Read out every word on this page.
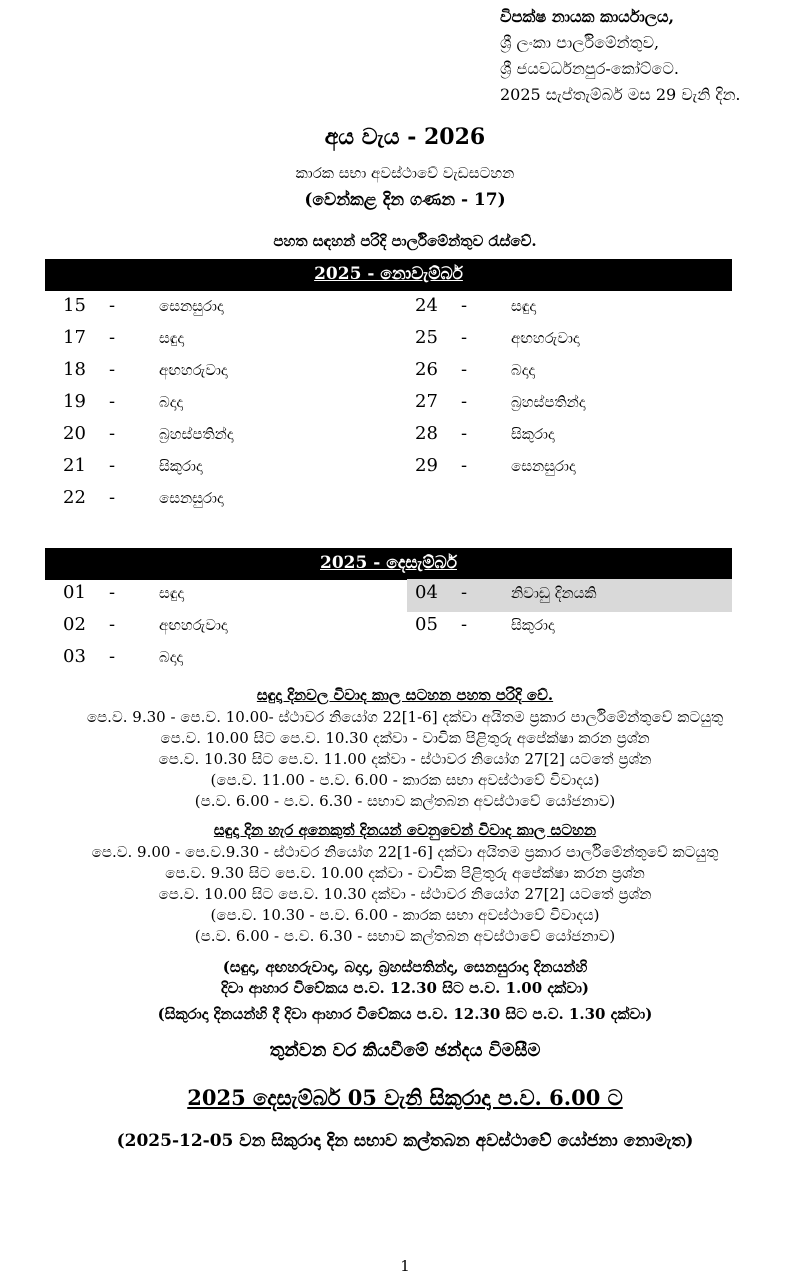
විපක්ෂ නායක කාර්යාලය,
ශ්‍රී ලංකා පාර්ලිමේන්තුව,
ශ්‍රී ජයවර්ධනපුර-කෝට්ටෙ.
2025 සැප්තැම්බර් මස 29 වැනි දින.
අය වැය - 2026
කාරක සභා අවස්ථාවේ වැඩසටහන
(වෙන්කළ දින ගණන - 17)
පහත සඳහන් පරිදි පාර්ලිමේන්තුව රැස්වේ.
2025 - නොවැම්බර්
15 -	සෙනසුරාදා
17 -	සඳුදා
18 -	අඟහරුවාදා
19 -	බදාදා
20 -	බ්‍රහස්පතින්දා
21 -	සිකුරාදා
22 -	සෙනසුරාදා
24 -	සඳුදා
25 -	අඟහරුවාදා
26 -	බදාදා
27 -	බ්‍රහස්පතින්දා
28 -	සිකුරාදා
29 -	සෙනසුරාදා
2025 - දෙසැම්බර්
01 -	සඳුදා
02 -	අඟහරුවාදා
03 -	බදාදා
04 -	නිවාඩු දිනයකි
05 -	සිකුරාදා
සඳුදා දිනවල විවාද කාල සටහන පහත පරිදි වේ.
පෙ.ව. 9.30 - පෙ.ව. 10.00- ස්ථාවර නියෝග 22[1-6] දක්වා අයිතම ප්‍රකාර පාර්ලිමේන්තුවේ කටයුතු
පෙ.ව. 10.00 සිට පෙ.ව. 10.30 දක්වා - වාචික පිළිතුරු අපේක්ෂා කරන ප්‍රශ්න
පෙ.ව. 10.30 සිට පෙ.ව. 11.00 දක්වා - ස්ථාවර නියෝග 27[2] යටතේ ප්‍රශ්න
(පෙ.ව. 11.00 - ප.ව. 6.00 - කාරක සභා අවස්ථාවේ විවාදය)
(ප.ව. 6.00 - ප.ව. 6.30 - සභාව කල්තබන අවස්ථාවේ යෝජනාව)
සඳුදා දින හැර අනෙකුත් දිනයන් වෙනුවෙන් විවාද කාල සටහන
පෙ.ව. 9.00 - පෙ.ව.9.30 - ස්ථාවර නියෝග 22[1-6] දක්වා අයිතම ප්‍රකාර පාර්ලිමේන්තුවේ කටයුතු
පෙ.ව. 9.30 සිට පෙ.ව. 10.00 දක්වා - වාචික පිළිතුරු අපේක්ෂා කරන ප්‍රශ්න
පෙ.ව. 10.00 සිට පෙ.ව. 10.30 දක්වා - ස්ථාවර නියෝග 27[2] යටතේ ප්‍රශ්න
(පෙ.ව. 10.30 - ප.ව. 6.00 - කාරක සභා අවස්ථාවේ විවාදය)
(ප.ව. 6.00 - ප.ව. 6.30 - සභාව කල්තබන අවස්ථාවේ යෝජනාව)
(සඳුදා, අඟහරුවාදා, බදාදා, බ්‍රහස්පතින්දා, සෙනසුරාදා දිනයන්හි
දිවා ආහාර විවේකය ප.ව. 12.30 සිට ප.ව. 1.00 දක්වා)
(සිකුරාදා දිනයන්හි දී දිවා ආහාර විවේකය ප.ව. 12.30 සිට ප.ව. 1.30 දක්වා)
තුන්වන වර කියවීමේ ඡන්දය විමසීම
2025 දෙසැම්බර් 05 වැනි සිකුරාදා ප.ව. 6.00 ට
(2025-12-05 වන සිකුරාදා දින සභාව කල්තබන අවස්ථාවේ යෝජනා නොමැත)
1
